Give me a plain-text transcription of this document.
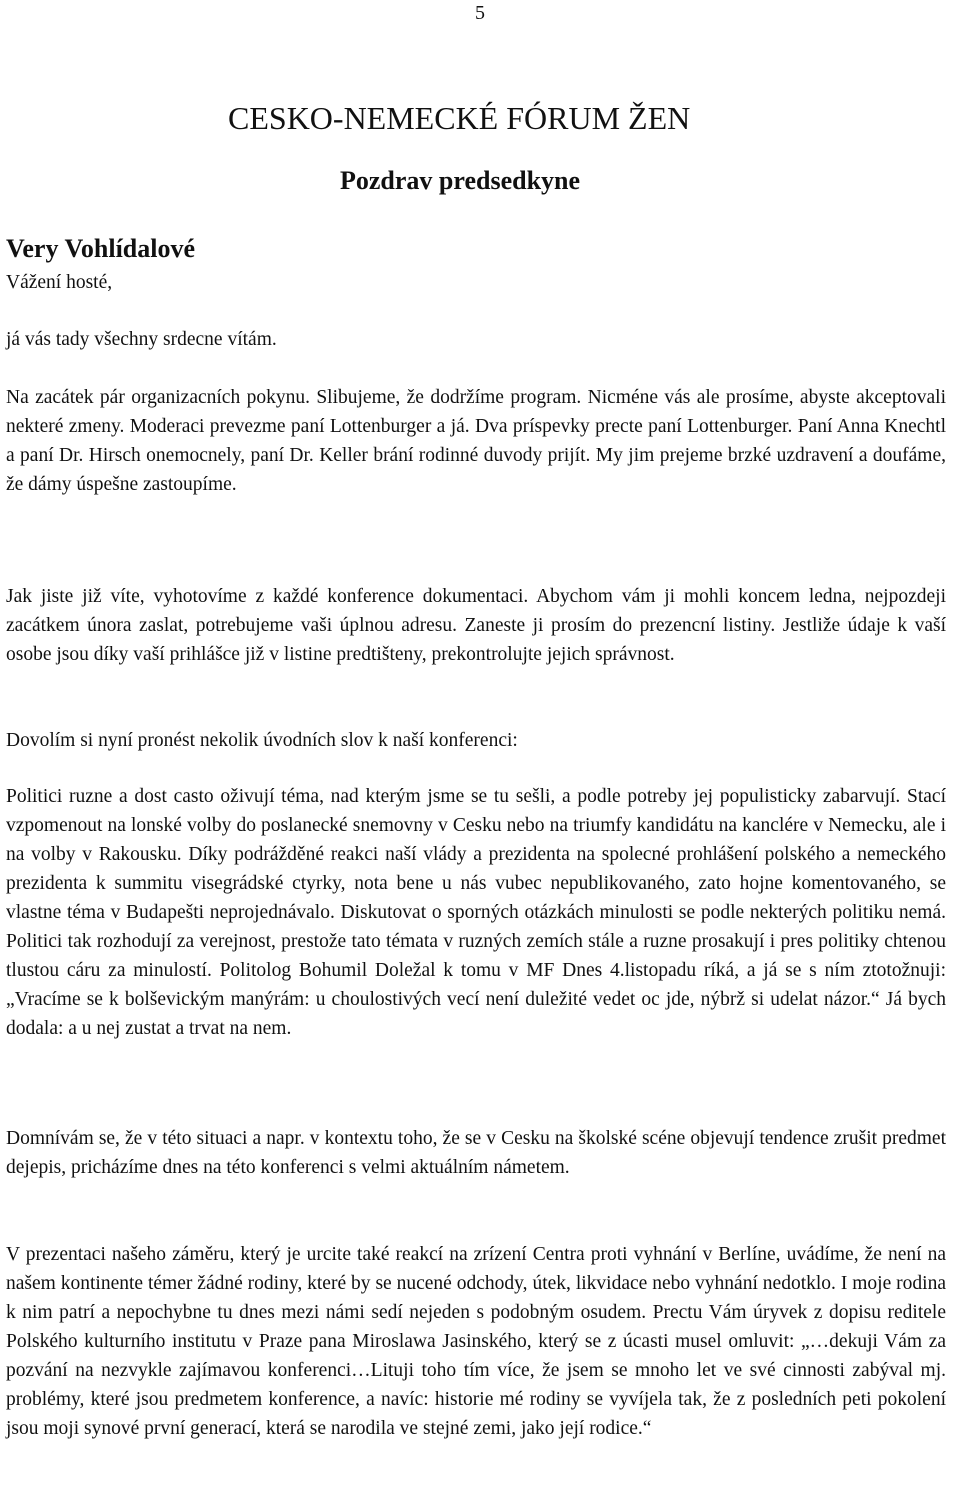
5
CESKO-NEMECKÉ FÓRUM ŽEN
Pozdrav predsedkyne
Very Vohlídalové

Vážení hosté,

já vás tady všechny srdecne vítám.

Na zacátek pár organizacních pokynu. Slibujeme, že dodržíme program. Nicméne vás ale prosíme, abyste akceptovali nekteré zmeny. Moderaci prevezme paní Lottenburger a já. Dva príspevky precte paní Lottenburger. Paní Anna Knechtl a paní Dr. Hirsch onemocnely, paní Dr. Keller brání rodinné duvody prijít. My jim prejeme brzké uzdravení a doufáme, že dámy úspešne zastoupíme.

Jak jiste již víte, vyhotovíme z každé konference dokumentaci. Abychom vám ji mohli koncem ledna, nejpozdeji zacátkem února zaslat, potrebujeme vaši úplnou adresu. Zaneste ji prosím do prezencní listiny. Jestliže údaje k vaší osobe jsou díky vaší prihlášce již v listine predtišteny, prekontrolujte jejich správnost.

Dovolím si nyní pronést nekolik úvodních slov k naší konferenci:

Politici ruzne a dost casto oživují téma, nad kterým jsme se tu sešli, a podle potreby jej populisticky zabarvují. Stací vzpomenout na lonské volby do poslanecké snemovny v Cesku nebo na triumfy kandidátu na kanclére v Nemecku, ale i na volby v Rakousku. Díky podrážděné reakci naší vlády a prezidenta na spolecné prohlášení polského a nemeckého prezidenta k summitu visegrádské ctyrky, nota bene u nás vubec nepublikovaného, zato hojne komentovaného, se vlastne téma v Budapešti neprojednávalo. Diskutovat o sporných otázkách minulosti se podle nekterých politiku nemá. Politici tak rozhodují za verejnost, prestože tato témata v ruzných zemích stále a ruzne prosakují i pres politiky chtenou tlustou cáru za minulostí. Politolog Bohumil Doležal k tomu v MF Dnes 4.listopadu ríká, a já se s ním ztotožnuji: „Vracíme se k bolševickým manýrám: u choulostivých vecí není duležité vedet oc jde, nýbrž si udelat názor.“ Já bych dodala: a u nej zustat a trvat na nem.

Domnívám se, že v této situaci a napr. v kontextu toho, že se v Cesku na školské scéne objevují tendence zrušit predmet dejepis, pricházíme dnes na této konferenci s velmi aktuálním námetem.

V prezentaci našeho záměru, který je urcite také reakcí na zrízení Centra proti vyhnání v Berlíne, uvádíme, že není na našem kontinente témer žádné rodiny, které by se nucené odchody, útek, likvidace nebo vyhnání nedotklo. I moje rodina k nim patrí a nepochybne tu dnes mezi námi sedí nejeden s podobným osudem. Prectu Vám úryvek z dopisu reditele Polského kulturního institutu v Praze pana Miroslawa Jasinského, který se z úcasti musel omluvit: „…dekuji Vám za pozvání na nezvykle zajímavou konferenci…Lituji toho tím více, že jsem se mnoho let ve své cinnosti zabýval mj. problémy, které jsou predmetem konference, a navíc: historie mé rodiny se vyvíjela tak, že z posledních peti pokolení jsou moji synové první generací, která se narodila ve stejné zemi, jako její rodice.“
